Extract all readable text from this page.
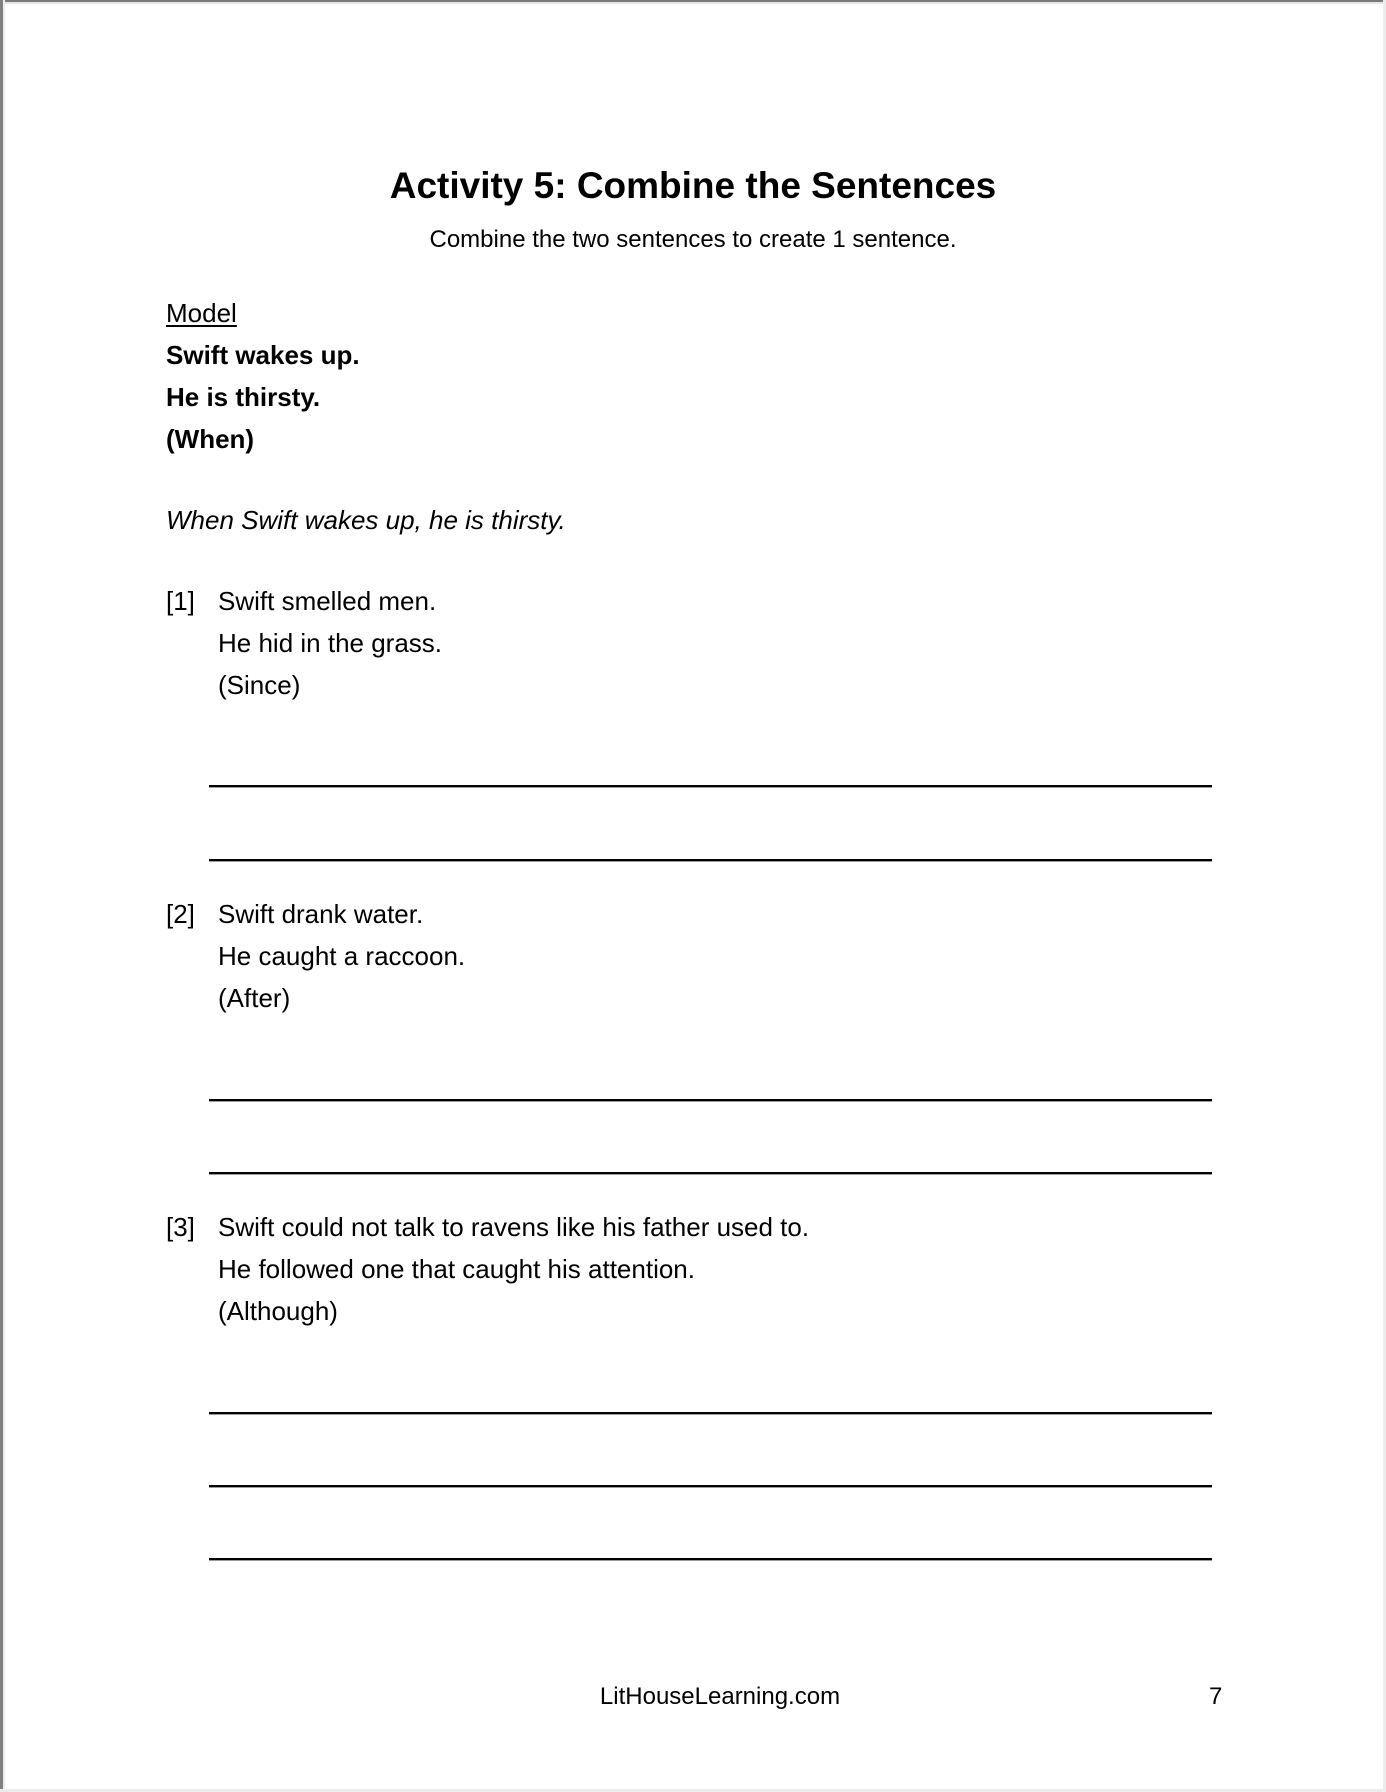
Activity 5: Combine the Sentences
Combine the two sentences to create 1 sentence.
Model
Swift wakes up.
He is thirsty.
(When)
When Swift wakes up, he is thirsty.
[1] Swift smelled men.
He hid in the grass.
(Since)
[2] Swift drank water.
He caught a raccoon.
(After)
[3] Swift could not talk to ravens like his father used to.
He followed one that caught his attention.
(Although)
LitHouseLearning.com	7
